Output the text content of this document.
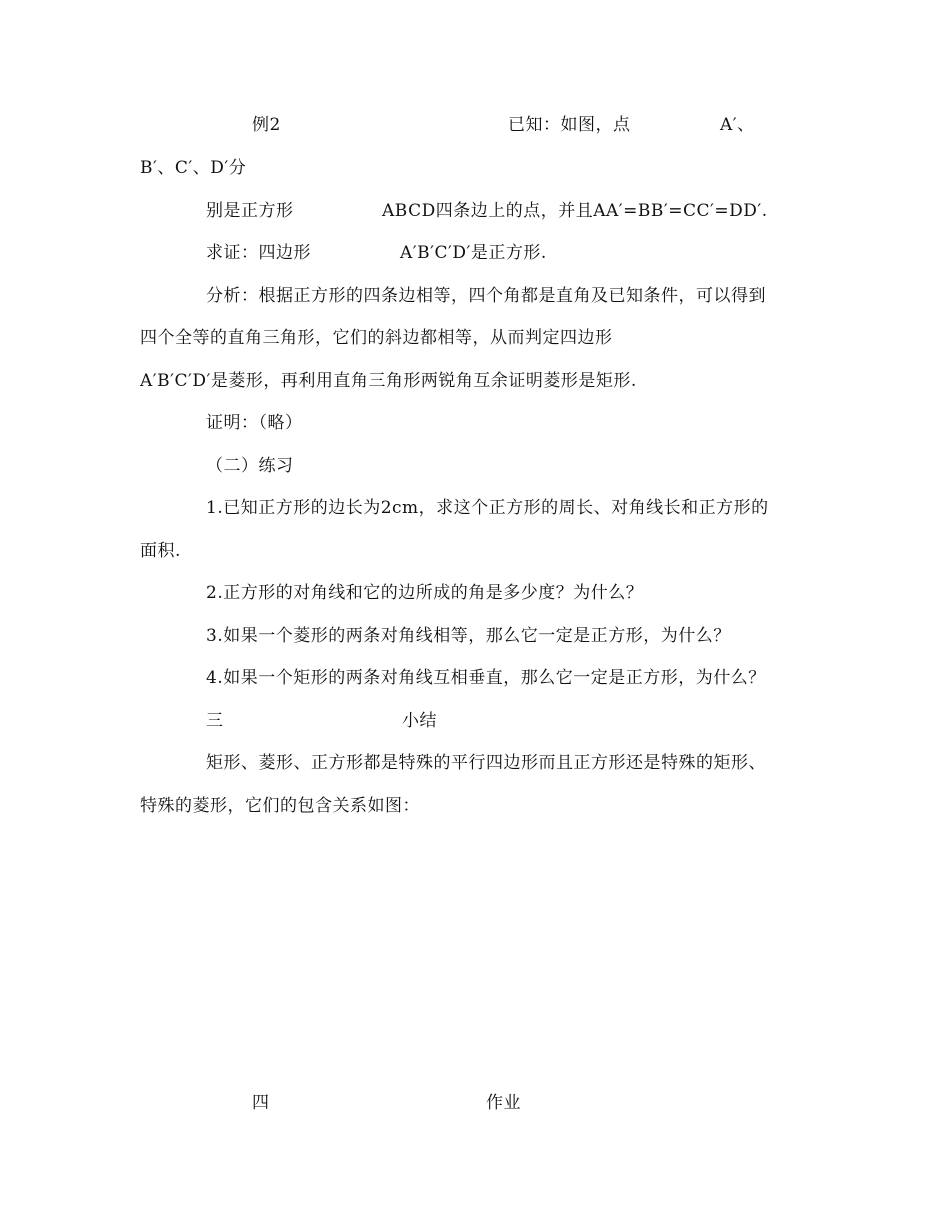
例2	已知：如图，点	A′、
B′、C′、D′分
别是正方形	ABCD四条边上的点，并且AA′=BB′=CC′=DD′.
求证：四边形	A′B′C′D′是正方形.
分析：根据正方形的四条边相等，四个角都是直角及已知条件，可以得到
四个全等的直角三角形，它们的斜边都相等，从而判定四边形
A′B′C′D′是菱形，再利用直角三角形两锐角互余证明菱形是矩形.
证明：（略）
（二）练习
1.已知正方形的边长为2cm，求这个正方形的周长、对角线长和正方形的
面积.
2.正方形的对角线和它的边所成的角是多少度？为什么？
3.如果一个菱形的两条对角线相等，那么它一定是正方形，为什么？
4.如果一个矩形的两条对角线互相垂直，那么它一定是正方形，为什么？
三	小结
矩形、菱形、正方形都是特殊的平行四边形而且正方形还是特殊的矩形、
特殊的菱形，它们的包含关系如图：
四	作业
